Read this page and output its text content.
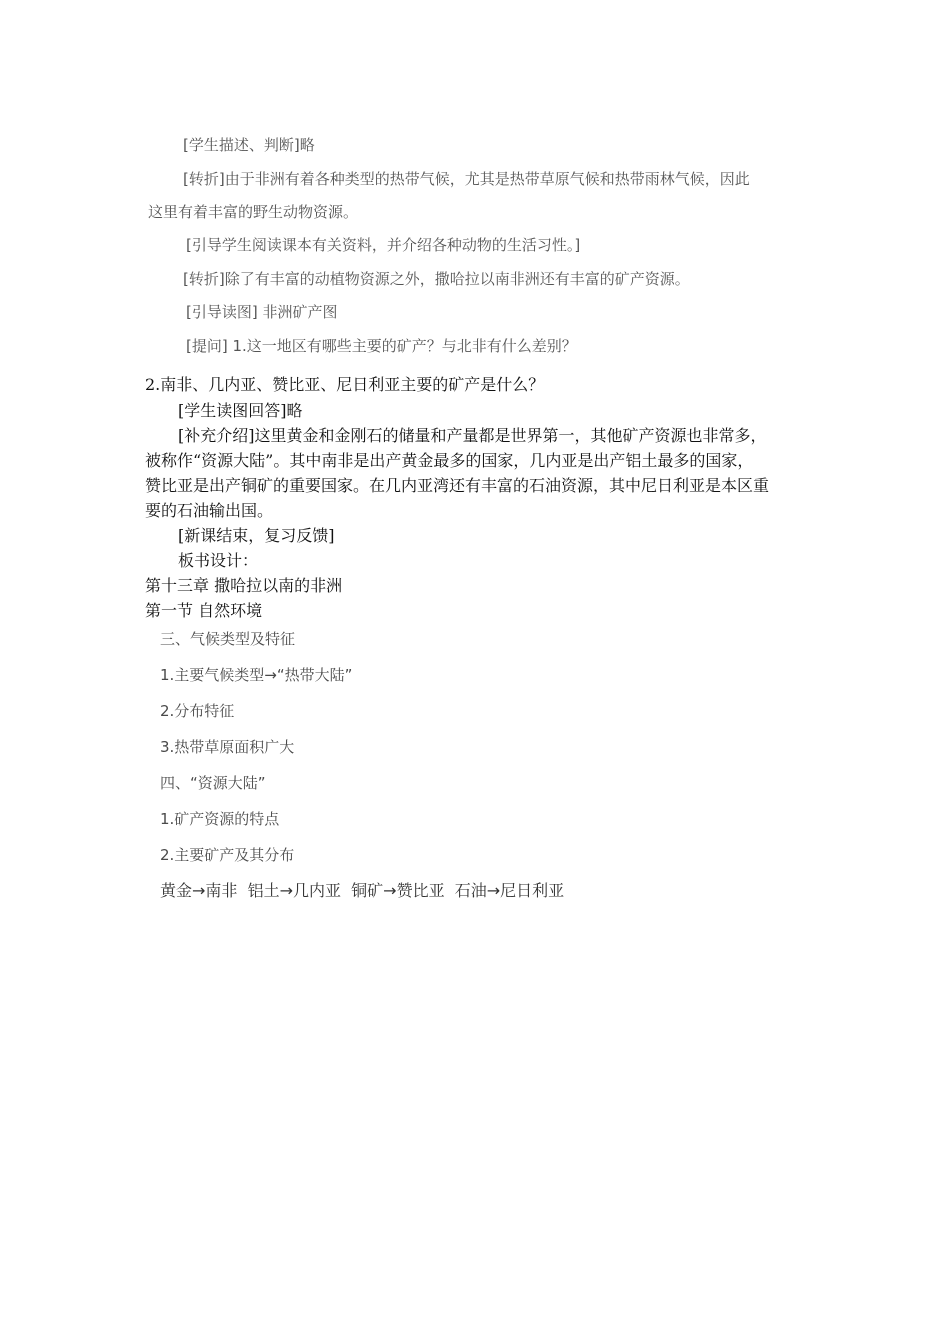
[学生描述、判断]略

[转折]由于非洲有着各种类型的热带气候，尤其是热带草原气候和热带雨林气候，因此

这里有着丰富的野生动物资源。

[引导学生阅读课本有关资料，并介绍各种动物的生活习性。]

[转折]除了有丰富的动植物资源之外，撒哈拉以南非洲还有丰富的矿产资源。

[引导读图] 非洲矿产图

[提问] 1.这一地区有哪些主要的矿产？与北非有什么差别？

2.南非、几内亚、赞比亚、尼日利亚主要的矿产是什么？

[学生读图回答]略

[补充介绍]这里黄金和金刚石的储量和产量都是世界第一，其他矿产资源也非常多，

被称作“资源大陆”。其中南非是出产黄金最多的国家，几内亚是出产铝土最多的国家，

赞比亚是出产铜矿的重要国家。在几内亚湾还有丰富的石油资源，其中尼日利亚是本区重

要的石油输出国。

[新课结束，复习反馈]

板书设计：

第十三章 撒哈拉以南的非洲

第一节 自然环境

三、气候类型及特征

1.主要气候类型→“热带大陆”

2.分布特征

3.热带草原面积广大

四、“资源大陆”

1.矿产资源的特点

2.主要矿产及其分布

黄金→南非  铝土→几内亚  铜矿→赞比亚  石油→尼日利亚
